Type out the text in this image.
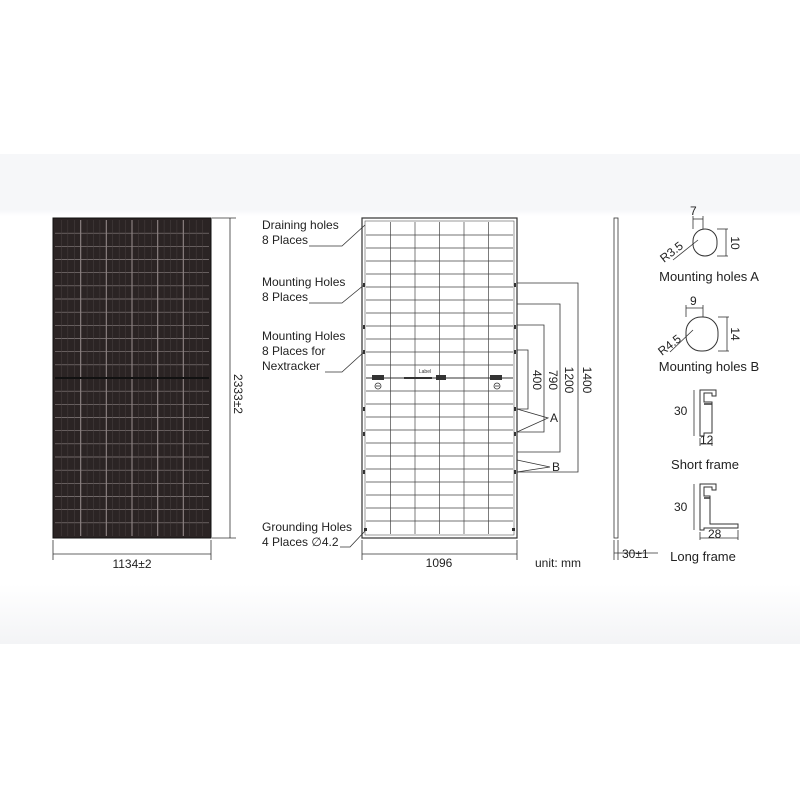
1134±2
2333±2
Label
Draining holes
8 Places
Mounting Holes
8 Places
Mounting Holes
8 Places for
Nextracker
Grounding Holes
4 Places ∅4.2
1096
400 790 1200 1400
A
B
unit: mm
30±1
7
10
R3.5
Mounting holes A
9
14
R4.5
Mounting holes B
30
12
Short frame
30
28
Long frame
